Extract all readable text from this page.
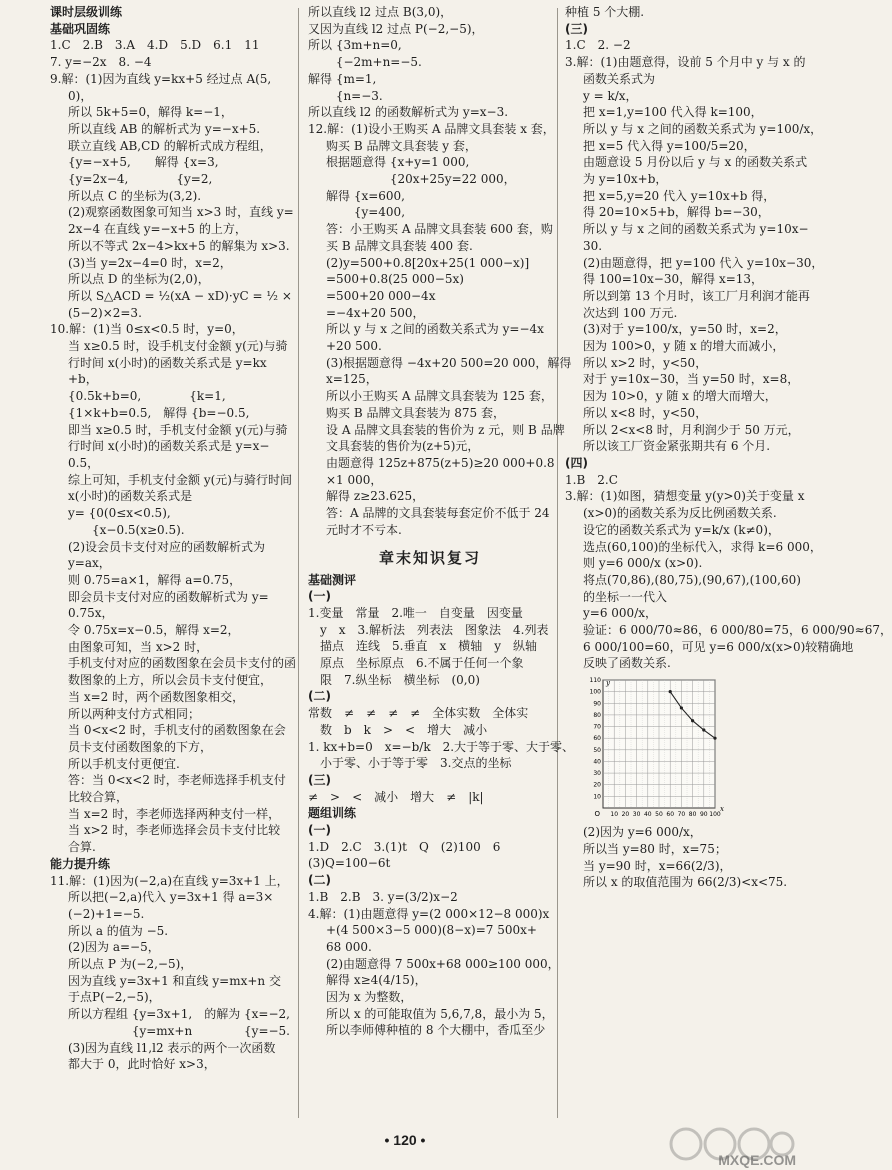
课时层级训练
基础巩固练
1.C　2.B　3.A　4.D　5.D　6.1　11
7. y=−2x　8. −4
9.解：(1)因为直线 y=kx+5 经过点 A(5,
0)，
所以 5k+5=0，解得 k=−1，
所以直线 AB 的解析式为 y=−x+5.
联立直线 AB,CD 的解析式成方程组，
{y=−x+5,　　解得 {x=3,
{y=2x−4,　　　　{y=2,
所以点 C 的坐标为(3,2).
(2)观察函数图象可知当 x>3 时，直线 y=
2x−4 在直线 y=−x+5 的上方，
所以不等式 2x−4>kx+5 的解集为 x>3.
(3)当 y=2x−4=0 时，x=2，
所以点 D 的坐标为(2,0)，
所以 S△ACD = ½(xA − xD)·yC = ½ ×
(5−2)×2=3.
10.解：(1)当 0≤x<0.5 时，y=0，
当 x≥0.5 时，设手机支付金额 y(元)与骑
行时间 x(小时)的函数关系式是 y=kx
+b，
{0.5k+b=0,　　　　{k=1,
{1×k+b=0.5,　解得 {b=−0.5,
即当 x≥0.5 时，手机支付金额 y(元)与骑
行时间 x(小时)的函数关系式是 y=x−
0.5，
综上可知，手机支付金额 y(元)与骑行时间
x(小时)的函数关系式是
y= {0(0≤x<0.5),
　　{x−0.5(x≥0.5).
(2)设会员卡支付对应的函数解析式为
y=ax，
则 0.75=a×1，解得 a=0.75，
即会员卡支付对应的函数解析式为 y=
0.75x，
令 0.75x=x−0.5，解得 x=2，
由图象可知，当 x>2 时，
手机支付对应的函数图象在会员卡支付的函
数图象的上方，所以会员卡支付便宜，
当 x=2 时，两个函数图象相交，
所以两种支付方式相同；
当 0<x<2 时，手机支付的函数图象在会
员卡支付函数图象的下方，
所以手机支付更便宜.
答：当 0<x<2 时，李老师选择手机支付
比较合算，
当 x=2 时，李老师选择两种支付一样，
当 x>2 时，李老师选择会员卡支付比较
合算.
能力提升练
11.解：(1)因为(−2,a)在直线 y=3x+1 上，
所以把(−2,a)代入 y=3x+1 得 a=3×
(−2)+1=−5.
所以 a 的值为 −5.
(2)因为 a=−5，
所以点 P 为(−2,−5)，
因为直线 y=3x+1 和直线 y=mx+n 交
于点P(−2,−5)，
所以方程组 {y=3x+1,　的解为 {x=−2,
　　　　　 {y=mx+n　　　　 {y=−5.
(3)因为直线 l1,l2 表示的两个一次函数
都大于 0，此时恰好 x>3，
所以直线 l2 过点 B(3,0)，
又因为直线 l2 过点 P(−2,−5)，
所以 {3m+n=0,
　　 {−2m+n=−5.
解得 {m=1,
　　 {n=−3.
所以直线 l2 的函数解析式为 y=x−3.
12.解：(1)设小王购买 A 品牌文具套装 x 套，
购买 B 品牌文具套装 y 套，
根据题意得 {x+y=1 000,
　　　　　 {20x+25y=22 000，
解得 {x=600,
　　 {y=400,
答：小王购买 A 品牌文具套装 600 套，购
买 B 品牌文具套装 400 套.
(2)y=500+0.8[20x+25(1 000−x)]
=500+0.8(25 000−5x)
=500+20 000−4x
=−4x+20 500，
所以 y 与 x 之间的函数关系式为 y=−4x
+20 500.
(3)根据题意得 −4x+20 500=20 000，解得
x=125，
所以小王购买 A 品牌文具套装为 125 套，
购买 B 品牌文具套装为 875 套，
设 A 品牌文具套装的售价为 z 元，则 B 品牌
文具套装的售价为(z+5)元，
由题意得 125z+875(z+5)≥20 000+0.8
×1 000，
解得 z≥23.625，
答：A 品牌的文具套装每套定价不低于 24
元时才不亏本.
章末知识复习
基础测评
(一)
1.变量　常量　2.唯一　自变量　因变量
　y　x　3.解析法　列表法　图象法　4.列表
　描点　连线　5.垂直　x　横轴　y　纵轴
　原点　坐标原点　6.不属于任何一个象
　限　7.纵坐标　横坐标　(0,0)
(二)
常数　≠　≠　≠　≠　全体实数　全体实
　数　b　k　>　<　增大　减小
1. kx+b=0　x=−b/k　2.大于等于零、大于零、
　小于零、小于等于零　3.交点的坐标
(三)
≠　>　<　减小　增大　≠　|k|
题组训练
(一)
1.D　2.C　3.(1)t　Q　(2)100　6
(3)Q=100−6t
(二)
1.B　2.B　3. y=(3/2)x−2
4.解：(1)由题意得 y=(2 000×12−8 000)x
+(4 500×3−5 000)(8−x)=7 500x+
68 000.
(2)由题意得 7 500x+68 000≥100 000，
解得 x≥4(4/15)，
因为 x 为整数，
所以 x 的可能取值为 5,6,7,8，最小为 5，
所以李师傅种植的 8 个大棚中，香瓜至少
种植 5 个大棚.
(三)
1.C　2. −2
3.解：(1)由题意得，设前 5 个月中 y 与 x 的
函数关系式为
y = k/x，
把 x=1,y=100 代入得 k=100，
所以 y 与 x 之间的函数关系式为 y=100/x，
把 x=5 代入得 y=100/5=20，
由题意设 5 月份以后 y 与 x 的函数关系式
为 y=10x+b，
把 x=5,y=20 代入 y=10x+b 得，
得 20=10×5+b，解得 b=−30，
所以 y 与 x 之间的函数关系式为 y=10x−
30.
(2)由题意得，把 y=100 代入 y=10x−30，
得 100=10x−30，解得 x=13，
所以到第 13 个月时，该工厂月利润才能再
次达到 100 万元.
(3)对于 y=100/x，y=50 时，x=2，
因为 100>0，y 随 x 的增大而减小，
所以 x>2 时，y<50，
对于 y=10x−30，当 y=50 时，x=8，
因为 10>0，y 随 x 的增大而增大，
所以 x<8 时，y<50，
所以 2<x<8 时，月利润少于 50 万元，
所以该工厂资金紧张期共有 6 个月.
(四)
1.B　2.C
3.解：(1)如图，猜想变量 y(y>0)关于变量 x
(x>0)的函数关系为反比例函数关系.
设它的函数关系式为 y=k/x (k≠0)，
选点(60,100)的坐标代入，求得 k=6 000，
则 y=6 000/x (x>0).
将点(70,86),(80,75),(90,67),(100,60)
的坐标一一代入
y=6 000/x，
验证：6 000/70≈86，6 000/80=75，6 000/90≈67，
6 000/100=60，可见 y=6 000/x(x>0)较精确地
反映了函数关系.
10 20 30 40 50 60 70 80 90 100
10
20
30
40
50
60
70
80
90
100
110
O
x
y
(2)因为 y=6 000/x，
所以当 y=80 时，x=75；
当 y=90 时，x=66(2/3)，
所以 x 的取值范围为 66(2/3)<x<75.
• 120 •
MXQE.COM
